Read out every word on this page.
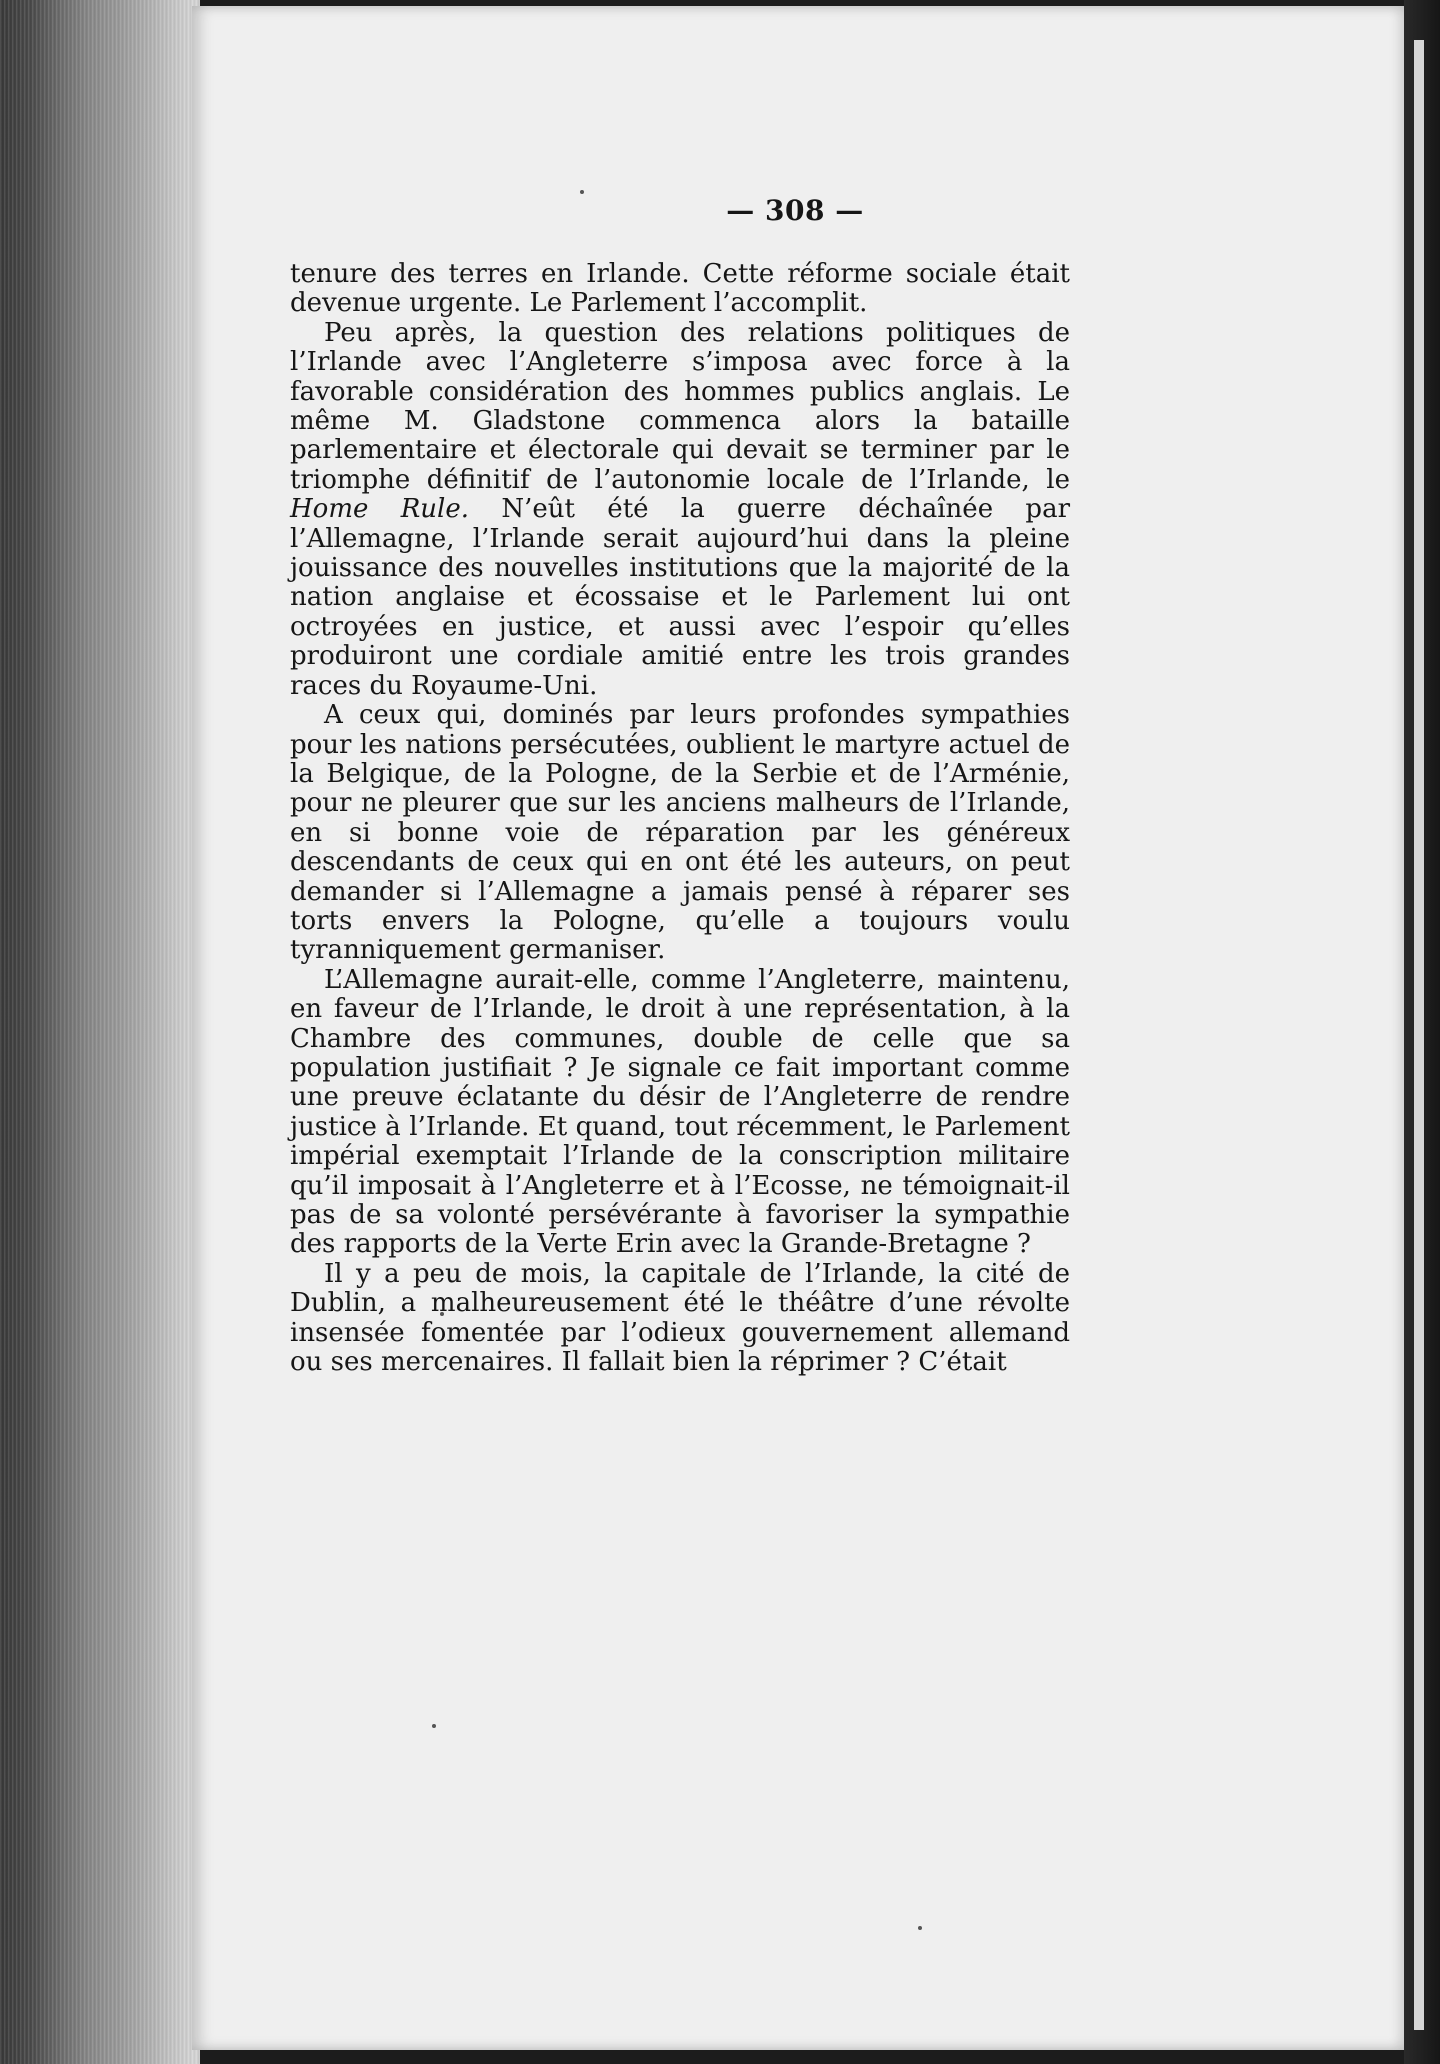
— 308 —

tenure des terres en Irlande. Cette réforme sociale était devenue urgente. Le Parlement l’accomplit.

Peu après, la question des relations politiques de l’Irlande avec l’Angleterre s’imposa avec force à la favorable considération des hommes publics anglais. Le même M. Gladstone commenca alors la bataille parlementaire et électorale qui devait se terminer par le triomphe définitif de l’autonomie locale de l’Irlande, le Home Rule. N’eût été la guerre déchaînée par l’Allemagne, l’Irlande serait aujourd’hui dans la pleine jouissance des nouvelles institutions que la majorité de la nation anglaise et écossaise et le Parlement lui ont octroyées en justice, et aussi avec l’espoir qu’elles produiront une cordiale amitié entre les trois grandes races du Royaume-Uni.

A ceux qui, dominés par leurs profondes sympathies pour les nations persécutées, oublient le martyre actuel de la Belgique, de la Pologne, de la Serbie et de l’Arménie, pour ne pleurer que sur les anciens malheurs de l’Irlande, en si bonne voie de réparation par les généreux descendants de ceux qui en ont été les auteurs, on peut demander si l’Allemagne a jamais pensé à réparer ses torts envers la Pologne, qu’elle a toujours voulu tyranniquement germaniser.

L’Allemagne aurait-elle, comme l’Angleterre, maintenu, en faveur de l’Irlande, le droit à une représentation, à la Chambre des communes, double de celle que sa population justifiait ? Je signale ce fait important comme une preuve éclatante du désir de l’Angleterre de rendre justice à l’Irlande. Et quand, tout récemment, le Parlement impérial exemptait l’Irlande de la conscription militaire qu’il imposait à l’Angleterre et à l’Ecosse, ne témoignait-il pas de sa volonté persévérante à favoriser la sympathie des rapports de la Verte Erin avec la Grande-Bretagne ?

Il y a peu de mois, la capitale de l’Irlande, la cité de Dublin, a malheureusement été le théâtre d’une révolte insensée fomentée par l’odieux gouvernement allemand ou ses mercenaires. Il fallait bien la réprimer ? C’était
